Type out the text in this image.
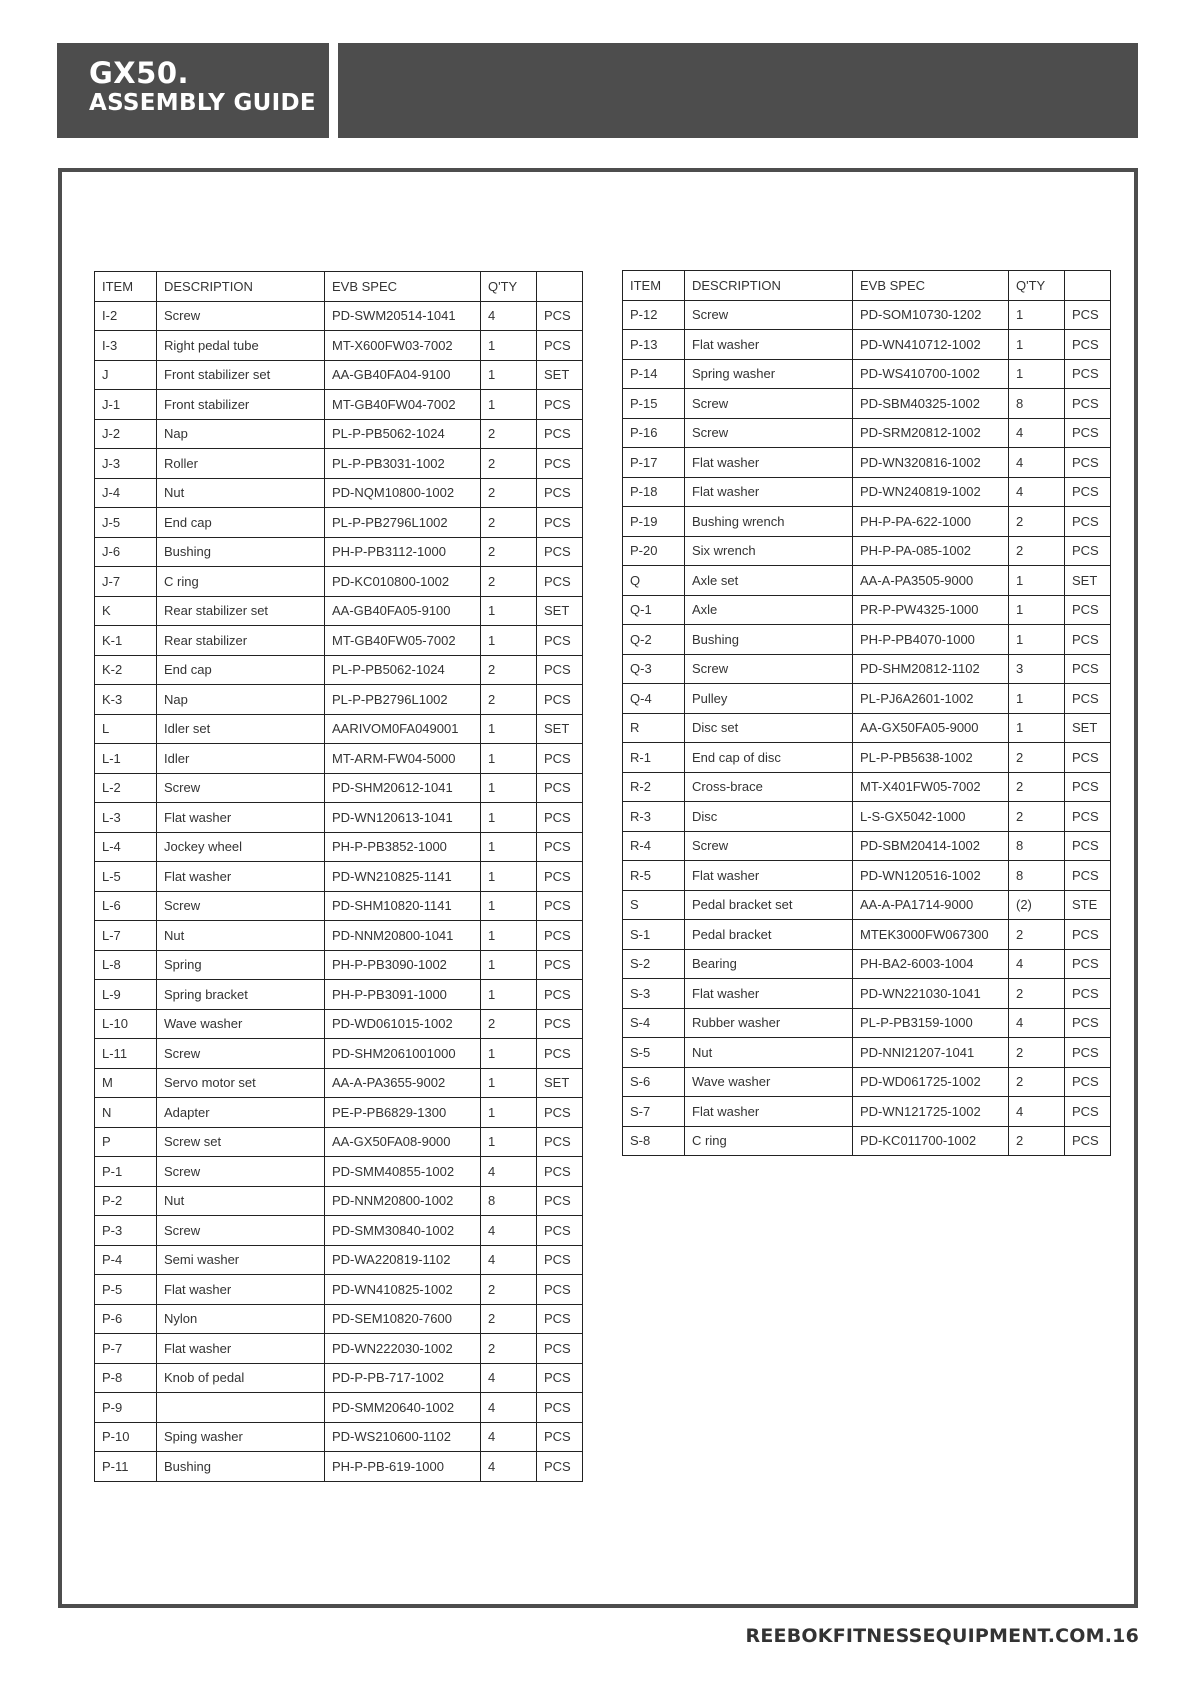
GX50.
ASSEMBLY GUIDE
ITEM	DESCRIPTION	EVB SPEC	Q'TY	
I-2	Screw	PD-SWM20514-1041	4	PCS
I-3	Right pedal tube	MT-X600FW03-7002	1	PCS
J	Front stabilizer set	AA-GB40FA04-9100	1	SET
J-1	Front stabilizer	MT-GB40FW04-7002	1	PCS
J-2	Nap	PL-P-PB5062-1024	2	PCS
J-3	Roller	PL-P-PB3031-1002	2	PCS
J-4	Nut	PD-NQM10800-1002	2	PCS
J-5	End cap	PL-P-PB2796L1002	2	PCS
J-6	Bushing	PH-P-PB3112-1000	2	PCS
J-7	C ring	PD-KC010800-1002	2	PCS
K	Rear stabilizer set	AA-GB40FA05-9100	1	SET
K-1	Rear stabilizer	MT-GB40FW05-7002	1	PCS
K-2	End cap	PL-P-PB5062-1024	2	PCS
K-3	Nap	PL-P-PB2796L1002	2	PCS
L	Idler set	AARIVOM0FA049001	1	SET
L-1	Idler	MT-ARM-FW04-5000	1	PCS
L-2	Screw	PD-SHM20612-1041	1	PCS
L-3	Flat washer	PD-WN120613-1041	1	PCS
L-4	Jockey wheel	PH-P-PB3852-1000	1	PCS
L-5	Flat washer	PD-WN210825-1141	1	PCS
L-6	Screw	PD-SHM10820-1141	1	PCS
L-7	Nut	PD-NNM20800-1041	1	PCS
L-8	Spring	PH-P-PB3090-1002	1	PCS
L-9	Spring bracket	PH-P-PB3091-1000	1	PCS
L-10	Wave washer	PD-WD061015-1002	2	PCS
L-11	Screw	PD-SHM2061001000	1	PCS
M	Servo motor set	AA-A-PA3655-9002	1	SET
N	Adapter	PE-P-PB6829-1300	1	PCS
P	Screw set	AA-GX50FA08-9000	1	PCS
P-1	Screw	PD-SMM40855-1002	4	PCS
P-2	Nut	PD-NNM20800-1002	8	PCS
P-3	Screw	PD-SMM30840-1002	4	PCS
P-4	Semi washer	PD-WA220819-1102	4	PCS
P-5	Flat washer	PD-WN410825-1002	2	PCS
P-6	Nylon	PD-SEM10820-7600	2	PCS
P-7	Flat washer	PD-WN222030-1002	2	PCS
P-8	Knob of pedal	PD-P-PB-717-1002	4	PCS
P-9		PD-SMM20640-1002	4	PCS
P-10	Sping washer	PD-WS210600-1102	4	PCS
P-11	Bushing	PH-P-PB-619-1000	4	PCS
ITEM	DESCRIPTION	EVB SPEC	Q'TY	
P-12	Screw	PD-SOM10730-1202	1	PCS
P-13	Flat washer	PD-WN410712-1002	1	PCS
P-14	Spring washer	PD-WS410700-1002	1	PCS
P-15	Screw	PD-SBM40325-1002	8	PCS
P-16	Screw	PD-SRM20812-1002	4	PCS
P-17	Flat washer	PD-WN320816-1002	4	PCS
P-18	Flat washer	PD-WN240819-1002	4	PCS
P-19	Bushing wrench	PH-P-PA-622-1000	2	PCS
P-20	Six wrench	PH-P-PA-085-1002	2	PCS
Q	Axle set	AA-A-PA3505-9000	1	SET
Q-1	Axle	PR-P-PW4325-1000	1	PCS
Q-2	Bushing	PH-P-PB4070-1000	1	PCS
Q-3	Screw	PD-SHM20812-1102	3	PCS
Q-4	Pulley	PL-PJ6A2601-1002	1	PCS
R	Disc set	AA-GX50FA05-9000	1	SET
R-1	End cap of disc	PL-P-PB5638-1002	2	PCS
R-2	Cross-brace	MT-X401FW05-7002	2	PCS
R-3	Disc	L-S-GX5042-1000	2	PCS
R-4	Screw	PD-SBM20414-1002	8	PCS
R-5	Flat washer	PD-WN120516-1002	8	PCS
S	Pedal bracket set	AA-A-PA1714-9000	(2)	STE
S-1	Pedal bracket	MTEK3000FW067300	2	PCS
S-2	Bearing	PH-BA2-6003-1004	4	PCS
S-3	Flat washer	PD-WN221030-1041	2	PCS
S-4	Rubber washer	PL-P-PB3159-1000	4	PCS
S-5	Nut	PD-NNI21207-1041	2	PCS
S-6	Wave washer	PD-WD061725-1002	2	PCS
S-7	Flat washer	PD-WN121725-1002	4	PCS
S-8	C ring	PD-KC011700-1002	2	PCS
REEBOKFITNESSEQUIPMENT.COM.16
